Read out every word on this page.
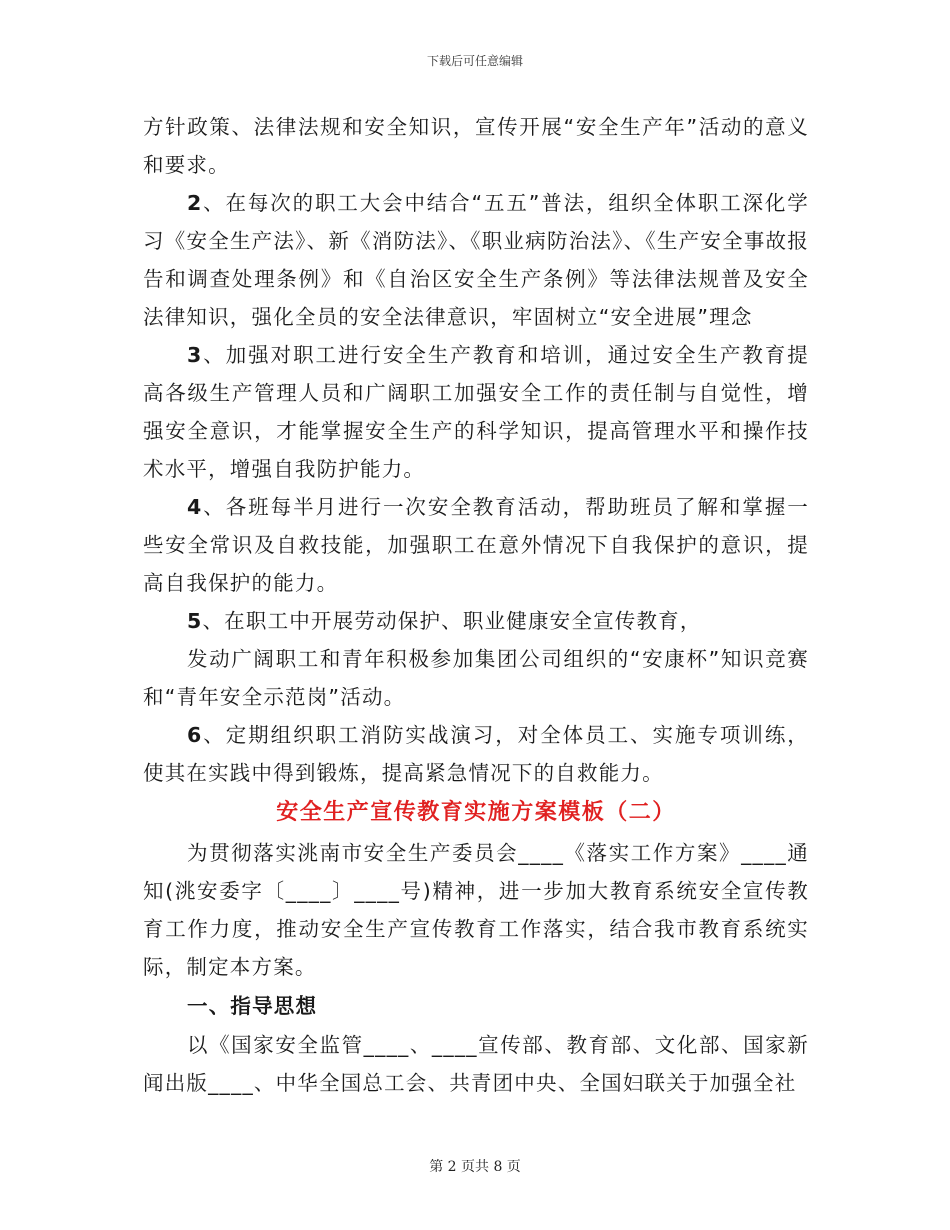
下载后可任意编辑

方针政策、法律法规和安全知识，宣传开展“安全生产年”活动的意义和要求。

2、在每次的职工大会中结合“五五”普法，组织全体职工深化学习《安全生产法》、新《消防法》、《职业病防治法》、《生产安全事故报告和调查处理条例》和《自治区安全生产条例》等法律法规普及安全法律知识，强化全员的安全法律意识，牢固树立“安全进展”理念

3、加强对职工进行安全生产教育和培训，通过安全生产教育提高各级生产管理人员和广阔职工加强安全工作的责任制与自觉性，增强安全意识，才能掌握安全生产的科学知识，提高管理水平和操作技术水平，增强自我防护能力。

4、各班每半月进行一次安全教育活动，帮助班员了解和掌握一些安全常识及自救技能，加强职工在意外情况下自我保护的意识，提高自我保护的能力。

5、在职工中开展劳动保护、职业健康安全宣传教育，

发动广阔职工和青年积极参加集团公司组织的“安康杯”知识竞赛和“青年安全示范岗”活动。

6、定期组织职工消防实战演习，对全体员工、实施专项训练，使其在实践中得到锻炼，提高紧急情况下的自救能力。

安全生产宣传教育实施方案模板（二）

为贯彻落实洮南市安全生产委员会____《落实工作方案》____通知(洮安委字〔____〕____号)精神，进一步加大教育系统安全宣传教育工作力度，推动安全生产宣传教育工作落实，结合我市教育系统实际，制定本方案。

一、指导思想

以《国家安全监管____、____宣传部、教育部、文化部、国家新闻出版____、中华全国总工会、共青团中央、全国妇联关于加强全社

第 2 页共 8 页
